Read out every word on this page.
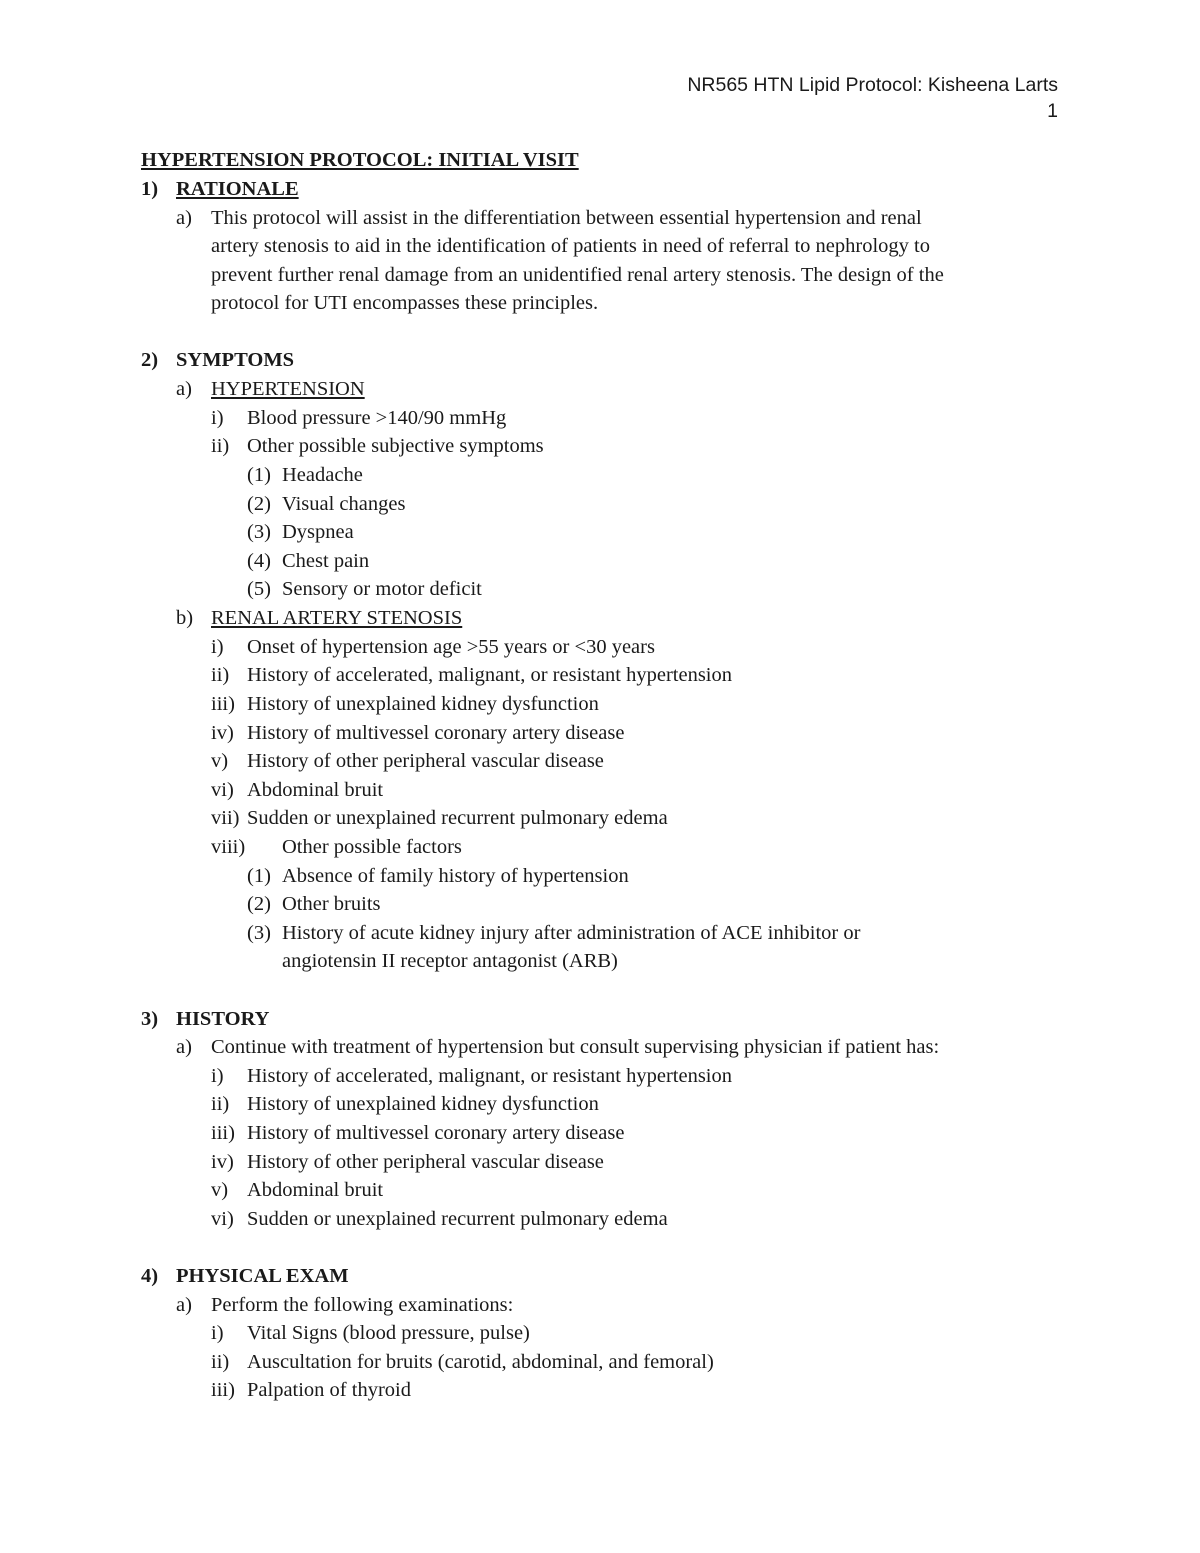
NR565 HTN Lipid Protocol: Kisheena Larts
1
HYPERTENSION PROTOCOL: INITIAL VISIT
1) RATIONALE
a) This protocol will assist in the differentiation between essential hypertension and renal
artery stenosis to aid in the identification of patients in need of referral to nephrology to
prevent further renal damage from an unidentified renal artery stenosis. The design of the
protocol for UTI encompasses these principles.
2) SYMPTOMS
a) HYPERTENSION
i) Blood pressure >140/90 mmHg
ii) Other possible subjective symptoms
(1) Headache
(2) Visual changes
(3) Dyspnea
(4) Chest pain
(5) Sensory or motor deficit
b) RENAL ARTERY STENOSIS
i) Onset of hypertension age >55 years or <30 years
ii) History of accelerated, malignant, or resistant hypertension
iii) History of unexplained kidney dysfunction
iv) History of multivessel coronary artery disease
v) History of other peripheral vascular disease
vi) Abdominal bruit
vii) Sudden or unexplained recurrent pulmonary edema
viii) Other possible factors
(1) Absence of family history of hypertension
(2) Other bruits
(3) History of acute kidney injury after administration of ACE inhibitor or
angiotensin II receptor antagonist (ARB)
3) HISTORY
a) Continue with treatment of hypertension but consult supervising physician if patient has:
i) History of accelerated, malignant, or resistant hypertension
ii) History of unexplained kidney dysfunction
iii) History of multivessel coronary artery disease
iv) History of other peripheral vascular disease
v) Abdominal bruit
vi) Sudden or unexplained recurrent pulmonary edema
4) PHYSICAL EXAM
a) Perform the following examinations:
i) Vital Signs (blood pressure, pulse)
ii) Auscultation for bruits (carotid, abdominal, and femoral)
iii) Palpation of thyroid
